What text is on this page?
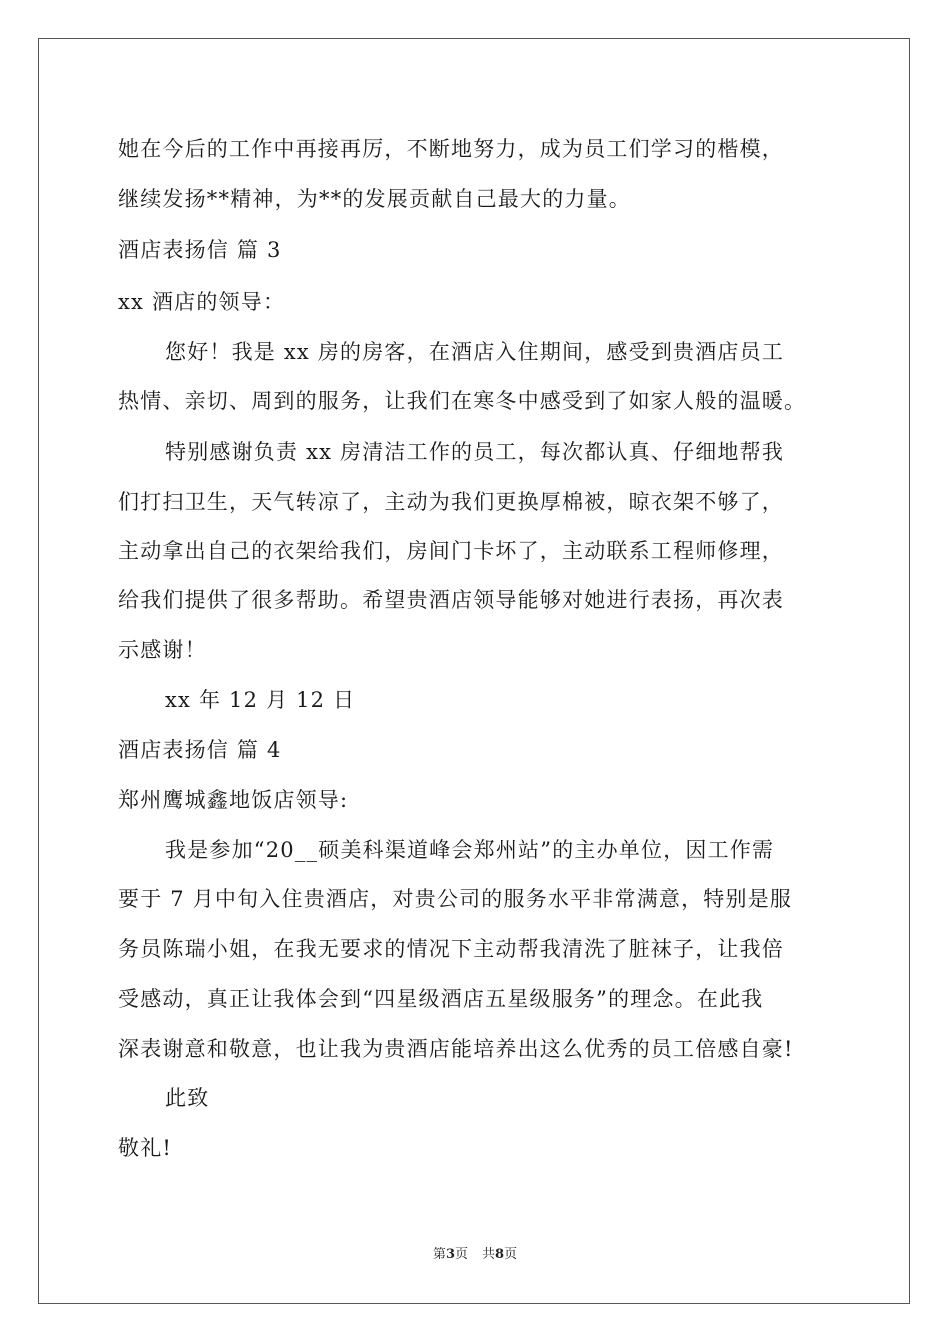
她在今后的工作中再接再厉，不断地努力，成为员工们学习的楷模，
继续发扬**精神，为**的发展贡献自己最大的力量。
酒店表扬信 篇 3
xx 酒店的领导：
您好！我是 xx 房的房客，在酒店入住期间，感受到贵酒店员工
热情、亲切、周到的服务，让我们在寒冬中感受到了如家人般的温暖。
特别感谢负责 xx 房清洁工作的员工，每次都认真、仔细地帮我
们打扫卫生，天气转凉了，主动为我们更换厚棉被，晾衣架不够了，
主动拿出自己的衣架给我们，房间门卡坏了，主动联系工程师修理，
给我们提供了很多帮助。希望贵酒店领导能够对她进行表扬，再次表
示感谢！
xx 年 12 月 12 日
酒店表扬信 篇 4
郑州鹰城鑫地饭店领导:
我是参加“20__硕美科渠道峰会郑州站”的主办单位，因工作需
要于 7 月中旬入住贵酒店，对贵公司的服务水平非常满意，特别是服
务员陈瑞小姐，在我无要求的情况下主动帮我清洗了脏袜子，让我倍
受感动，真正让我体会到“四星级酒店五星级服务”的理念。在此我
深表谢意和敬意，也让我为贵酒店能培养出这么优秀的员工倍感自豪!
此致
敬礼!
第3页 共8页
